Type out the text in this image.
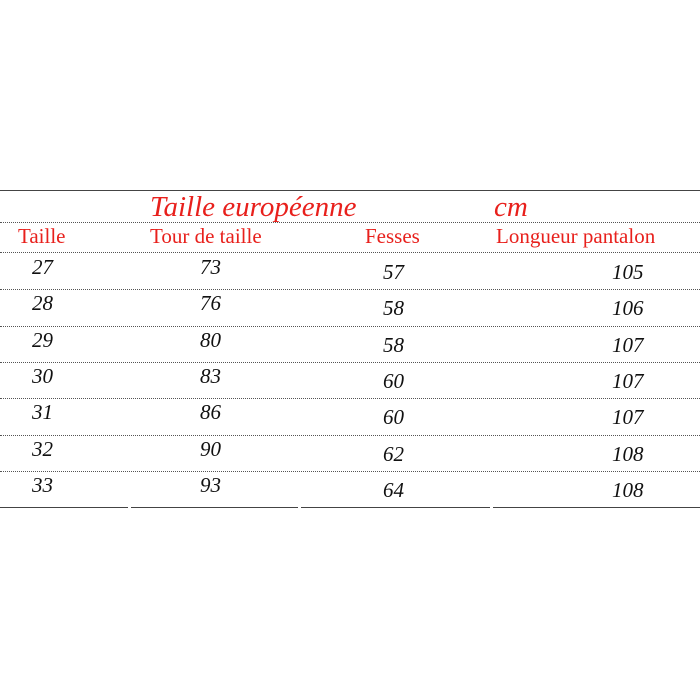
Taille européenne	cm
Taille	Tour de taille	Fesses	Longueur pantalon
27	73	57	105
28	76	58	106
29	80	58	107
30	83	60	107
31	86	60	107
32	90	62	108
33	93	64	108
